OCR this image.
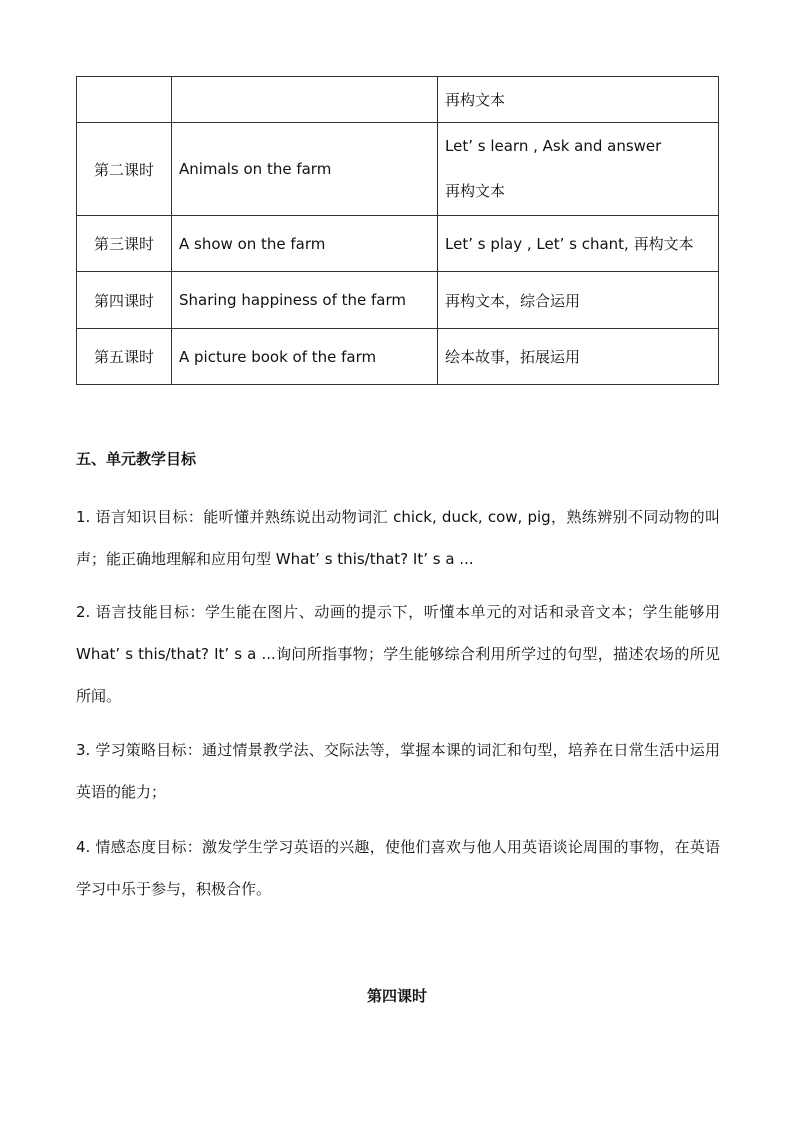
		再构文本
第二课时	Animals on the farm	Let’ s learn , Ask and answer
再构文本

第三课时	A show on the farm	Let’ s play , Let’ s chant, 再构文本
第四课时	Sharing happiness of the farm	再构文本，综合运用
第五课时	A picture book of the farm	绘本故事，拓展运用
五、单元教学目标
1. 语言知识目标：能听懂并熟练说出动物词汇 chick, duck, cow, pig，熟练辨别不同动物的叫声；能正确地理解和应用句型 What’ s this/that? It’ s a ...
2. 语言技能目标：学生能在图片、动画的提示下，听懂本单元的对话和录音文本；学生能够用 What’ s this/that? It’ s a ...询问所指事物；学生能够综合利用所学过的句型，描述农场的所见所闻。
3. 学习策略目标：通过情景教学法、交际法等，掌握本课的词汇和句型，培养在日常生活中运用英语的能力；
4. 情感态度目标：激发学生学习英语的兴趣，使他们喜欢与他人用英语谈论周围的事物，在英语学习中乐于参与，积极合作。
第四课时
